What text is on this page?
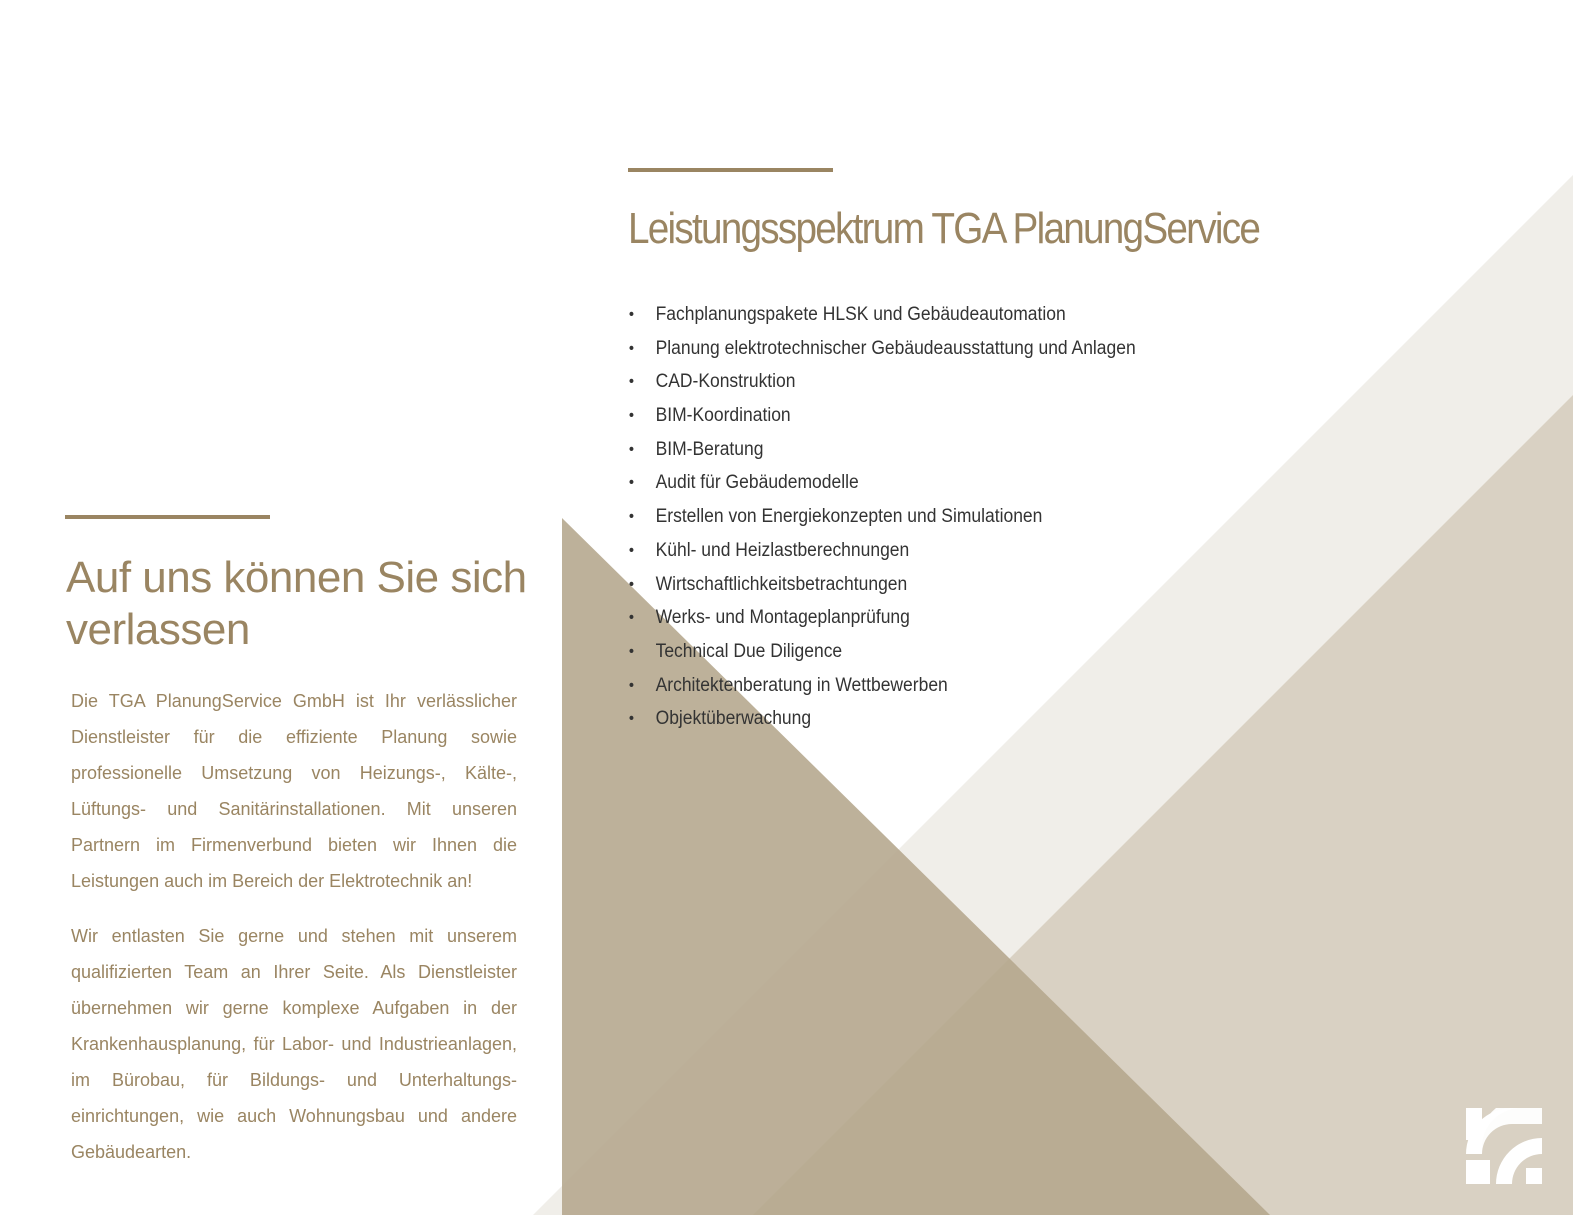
Leistungsspektrum TGA PlanungService
• Fachplanungspakete HLSK und Gebäudeautomation
• Planung elektrotechnischer Gebäudeausstattung und Anlagen
• CAD-Konstruktion
• BIM-Koordination
• BIM-Beratung
• Audit für Gebäudemodelle
• Erstellen von Energiekonzepten und Simulationen
• Kühl- und Heizlastberechnungen
• Wirtschaftlichkeitsbetrachtungen
• Werks- und Montageplanprüfung
• Technical Due Diligence
• Architektenberatung in Wettbewerben
• Objektüberwachung
Auf uns können Sie sich verlassen

Die TGA PlanungService GmbH ist Ihr verlässlicher Dienstleister für die effiziente Planung sowie professionelle Umsetzung von Heizungs-, Kälte-, Lüftungs- und Sanitärinstallationen. Mit unseren Partnern im Firmenverbund bieten wir Ihnen die Leistungen auch im Bereich der Elektrotechnik an!

Wir entlasten Sie gerne und stehen mit unserem qualifizierten Team an Ihrer Seite. Als Dienstleister übernehmen wir gerne komplexe Aufgaben in der Krankenhausplanung, für Labor- und Industrieanlagen, im Bürobau, für Bildungs- und Unterhaltungs-einrichtungen, wie auch Wohnungsbau und andere Gebäudearten.
